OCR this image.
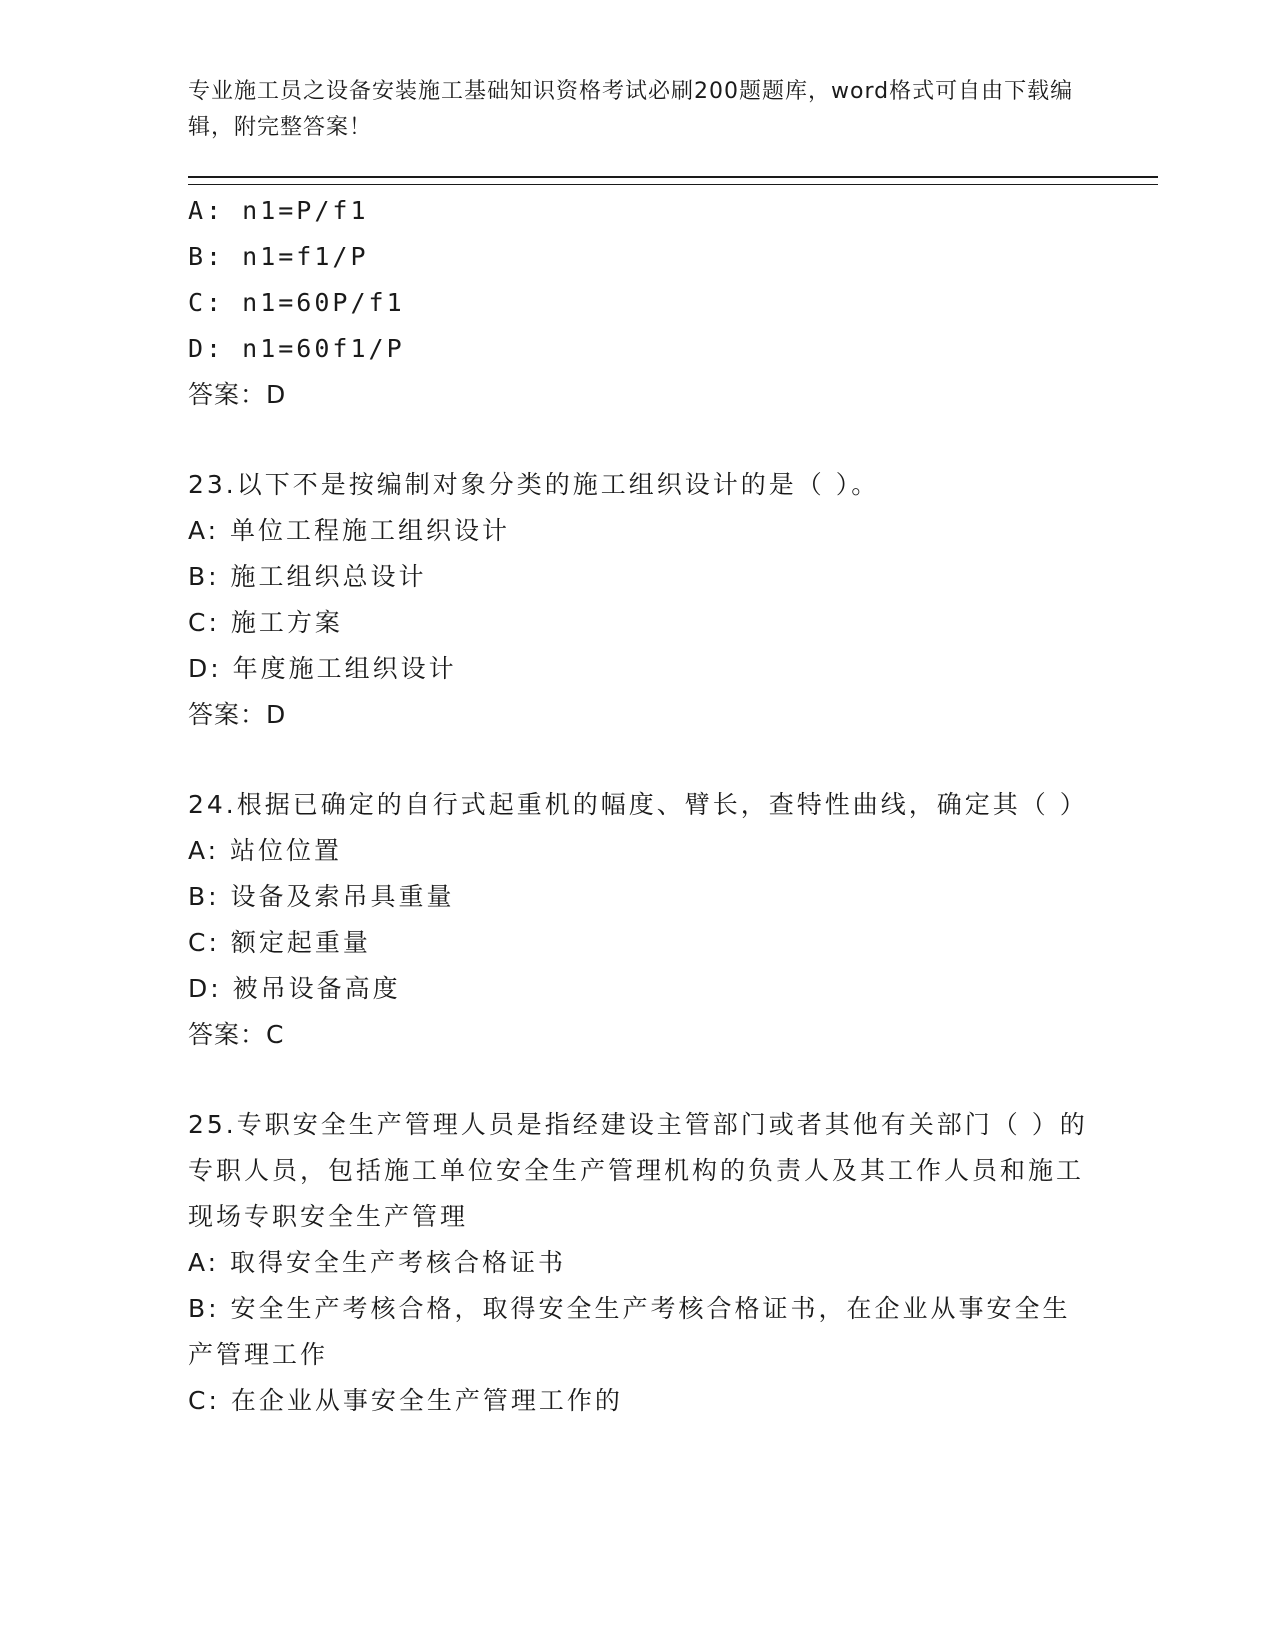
专业施工员之设备安装施工基础知识资格考试必刷200题题库，word格式可自由下载编辑，附完整答案！
A: n1=P/f1
B: n1=f1/P
C: n1=60P/f1
D: n1=60f1/P
答案：D
23.以下不是按编制对象分类的施工组织设计的是（ ）。
A: 单位工程施工组织设计
B: 施工组织总设计
C: 施工方案
D: 年度施工组织设计
答案：D
24.根据已确定的自行式起重机的幅度、臂长，查特性曲线，确定其（ ）
A: 站位位置
B: 设备及索吊具重量
C: 额定起重量
D: 被吊设备高度
答案：C
25.专职安全生产管理人员是指经建设主管部门或者其他有关部门（ ）的专职人员，包括施工单位安全生产管理机构的负责人及其工作人员和施工现场专职安全生产管理
A: 取得安全生产考核合格证书
B: 安全生产考核合格，取得安全生产考核合格证书，在企业从事安全生产管理工作
C: 在企业从事安全生产管理工作的
